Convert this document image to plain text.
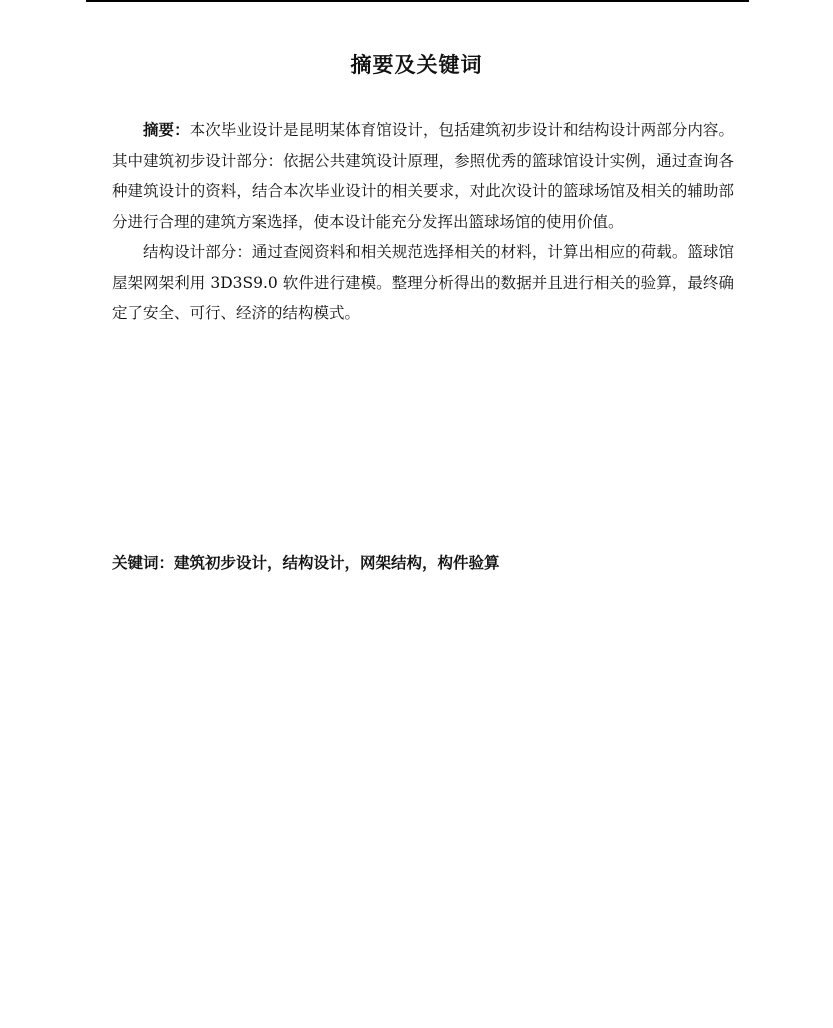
摘要及关键词

摘要：本次毕业设计是昆明某体育馆设计，包括建筑初步设计和结构设计两部分内容。其中建筑初步设计部分：依据公共建筑设计原理，参照优秀的篮球馆设计实例，通过查询各种建筑设计的资料，结合本次毕业设计的相关要求，对此次设计的篮球场馆及相关的辅助部分进行合理的建筑方案选择，使本设计能充分发挥出篮球场馆的使用价值。

结构设计部分：通过查阅资料和相关规范选择相关的材料，计算出相应的荷载。篮球馆屋架网架利用 3D3S9.0 软件进行建模。整理分析得出的数据并且进行相关的验算，最终确定了安全、可行、经济的结构模式。

关键词：建筑初步设计，结构设计，网架结构，构件验算
